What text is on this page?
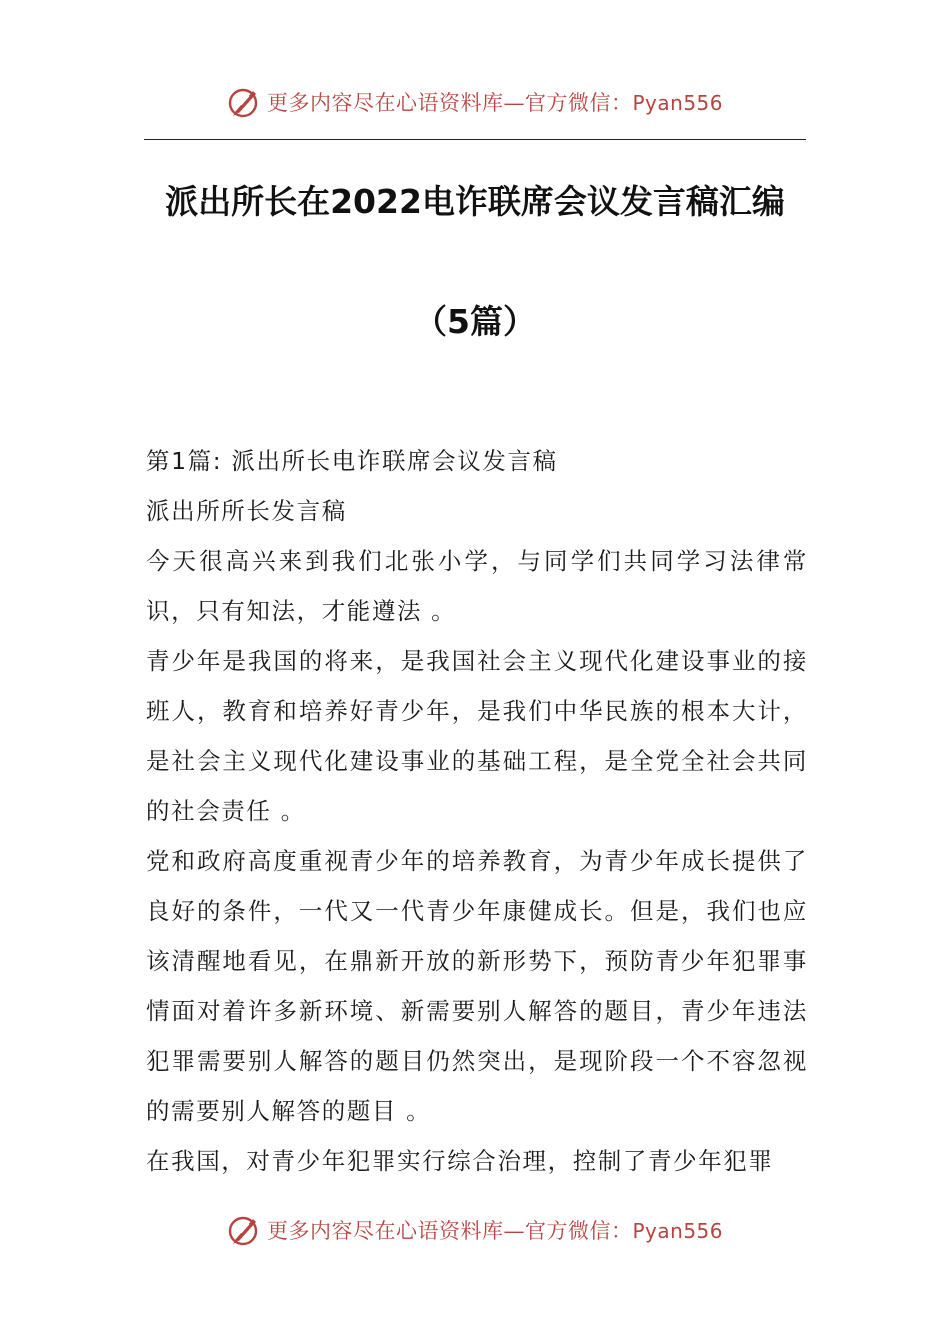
更多内容尽在心语资料库—官方微信：Pyan556
派出所长在2022电诈联席会议发言稿汇编
（5篇）

第1篇: 派出所长电诈联席会议发言稿

派出所所长发言稿

今天很高兴来到我们北张小学，与同学们共同学习法律常识，只有知法，才能遵法 。

青少年是我国的将来，是我国社会主义现代化建设事业的接班人，教育和培养好青少年，是我们中华民族的根本大计，是社会主义现代化建设事业的基础工程，是全党全社会共同的社会责任 。

党和政府高度重视青少年的培养教育，为青少年成长提供了良好的条件，一代又一代青少年康健成长。但是，我们也应该清醒地看见，在鼎新开放的新形势下，预防青少年犯罪事情面对着许多新环境、新需要别人解答的题目，青少年违法犯罪需要别人解答的题目仍然突出，是现阶段一个不容忽视的需要别人解答的题目 。

在我国，对青少年犯罪实行综合治理，控制了青少年犯罪

更多内容尽在心语资料库—官方微信：Pyan556
